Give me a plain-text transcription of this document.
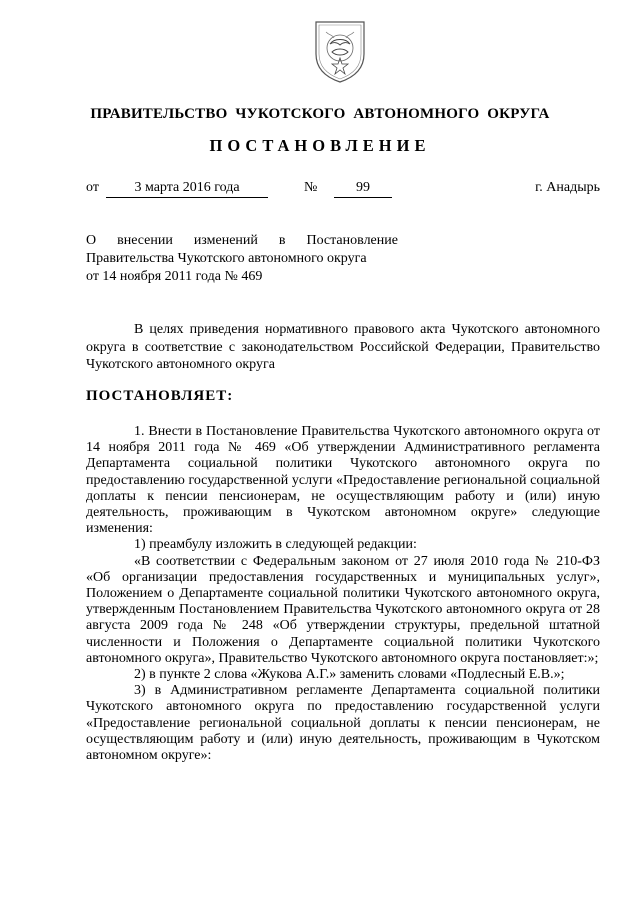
ПРАВИТЕЛЬСТВО ЧУКОТСКОГО АВТОНОМНОГО ОКРУГА
ПОСТАНОВЛЕНИЕ
от	3 марта 2016 года	№	99	г. Анадырь
О внесении изменений в Постановление
Правительства Чукотского автономного округа
от 14 ноября 2011 года № 469

В целях приведения нормативного правового акта Чукотского автономного округа в соответствие с законодательством Российской Федерации, Правительство Чукотского автономного округа

ПОСТАНОВЛЯЕТ:

1. Внести в Постановление Правительства Чукотского автономного округа от 14 ноября 2011 года № 469 «Об утверждении Административного регламента Департамента социальной политики Чукотского автономного округа по предоставлению государственной услуги «Предоставление региональной социальной доплаты к пенсии пенсионерам, не осуществляющим работу и (или) иную деятельность, проживающим в Чукотском автономном округе» следующие изменения:

1) преамбулу изложить в следующей редакции:

«В соответствии с Федеральным законом от 27 июля 2010 года № 210-ФЗ «Об организации предоставления государственных и муниципальных услуг», Положением о Департаменте социальной политики Чукотского автономного округа, утвержденным Постановлением Правительства Чукотского автономного округа от 28 августа 2009 года № 248 «Об утверждении структуры, предельной штатной численности и Положения о Департаменте социальной политики Чукотского автономного округа», Правительство Чукотского автономного округа постановляет:»;

2) в пункте 2 слова «Жукова А.Г.» заменить словами «Подлесный Е.В.»;

3) в Административном регламенте Департамента социальной политики Чукотского автономного округа по предоставлению государственной услуги «Предоставление региональной социальной доплаты к пенсии пенсионерам, не осуществляющим работу и (или) иную деятельность, проживающим в Чукотском автономном округе»:
